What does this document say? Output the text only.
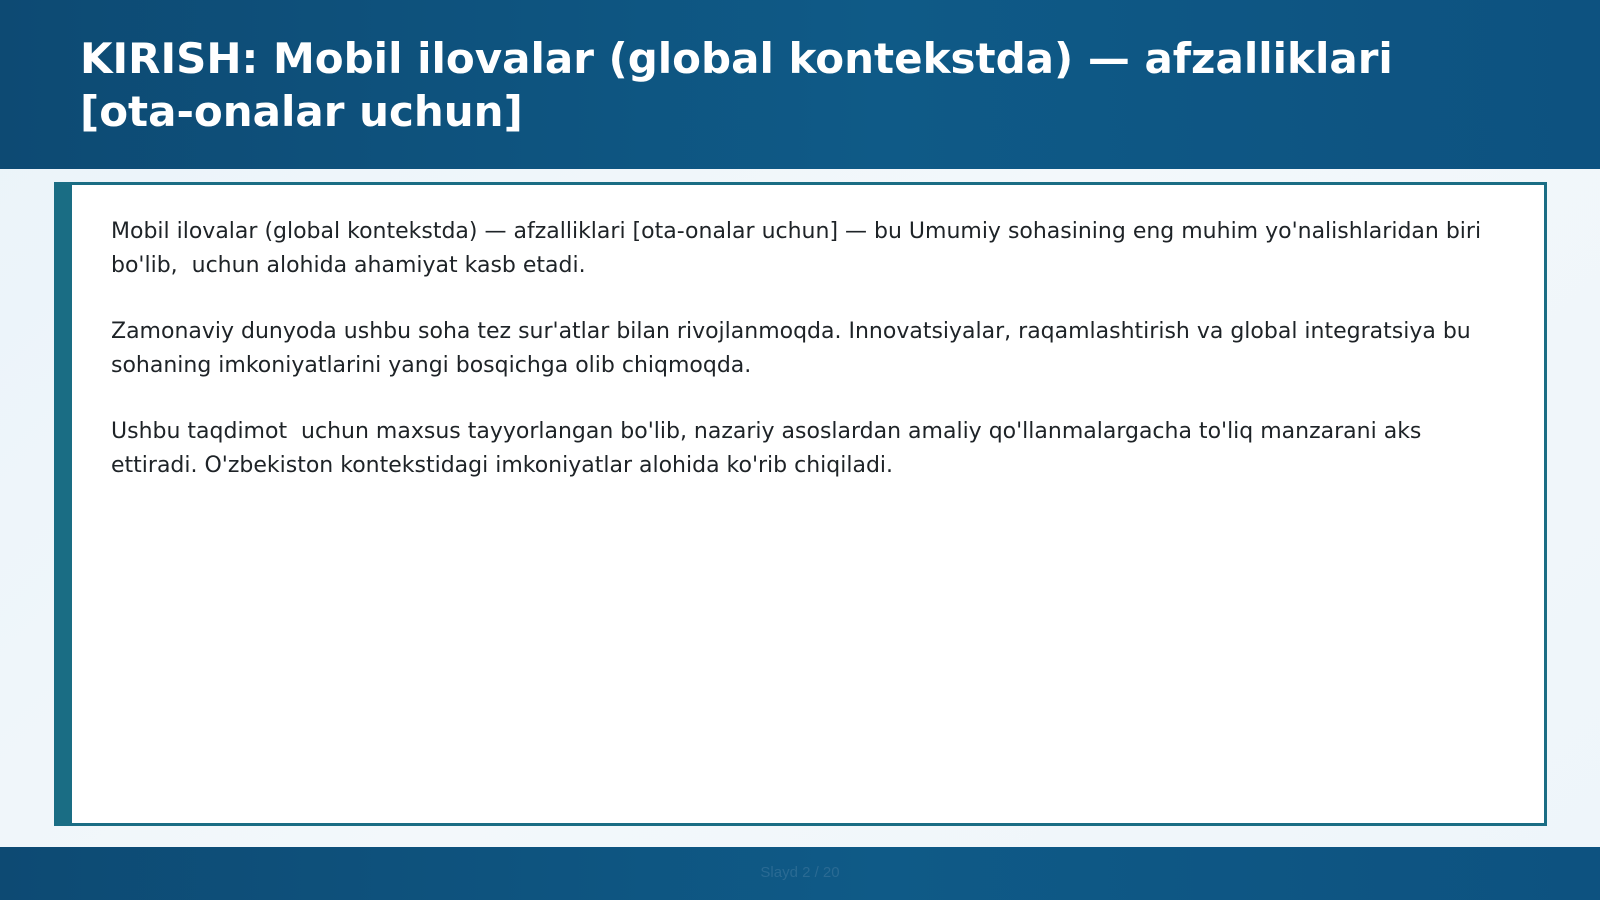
KIRISH: Mobil ilovalar (global kontekstda) — afzalliklari [ota-onalar uchun]

Mobil ilovalar (global kontekstda) — afzalliklari [ota-onalar uchun] — bu Umumiy sohasining eng muhim yo'nalishlaridan biri bo'lib,  uchun alohida ahamiyat kasb etadi.

Zamonaviy dunyoda ushbu soha tez sur'atlar bilan rivojlanmoqda. Innovatsiyalar, raqamlashtirish va global integratsiya bu sohaning imkoniyatlarini yangi bosqichga olib chiqmoqda.

Ushbu taqdimot  uchun maxsus tayyorlangan bo'lib, nazariy asoslardan amaliy qo'llanmalargacha to'liq manzarani aks ettiradi. O'zbekiston kontekstidagi imkoniyatlar alohida ko'rib chiqiladi.

Slayd 2 / 20
